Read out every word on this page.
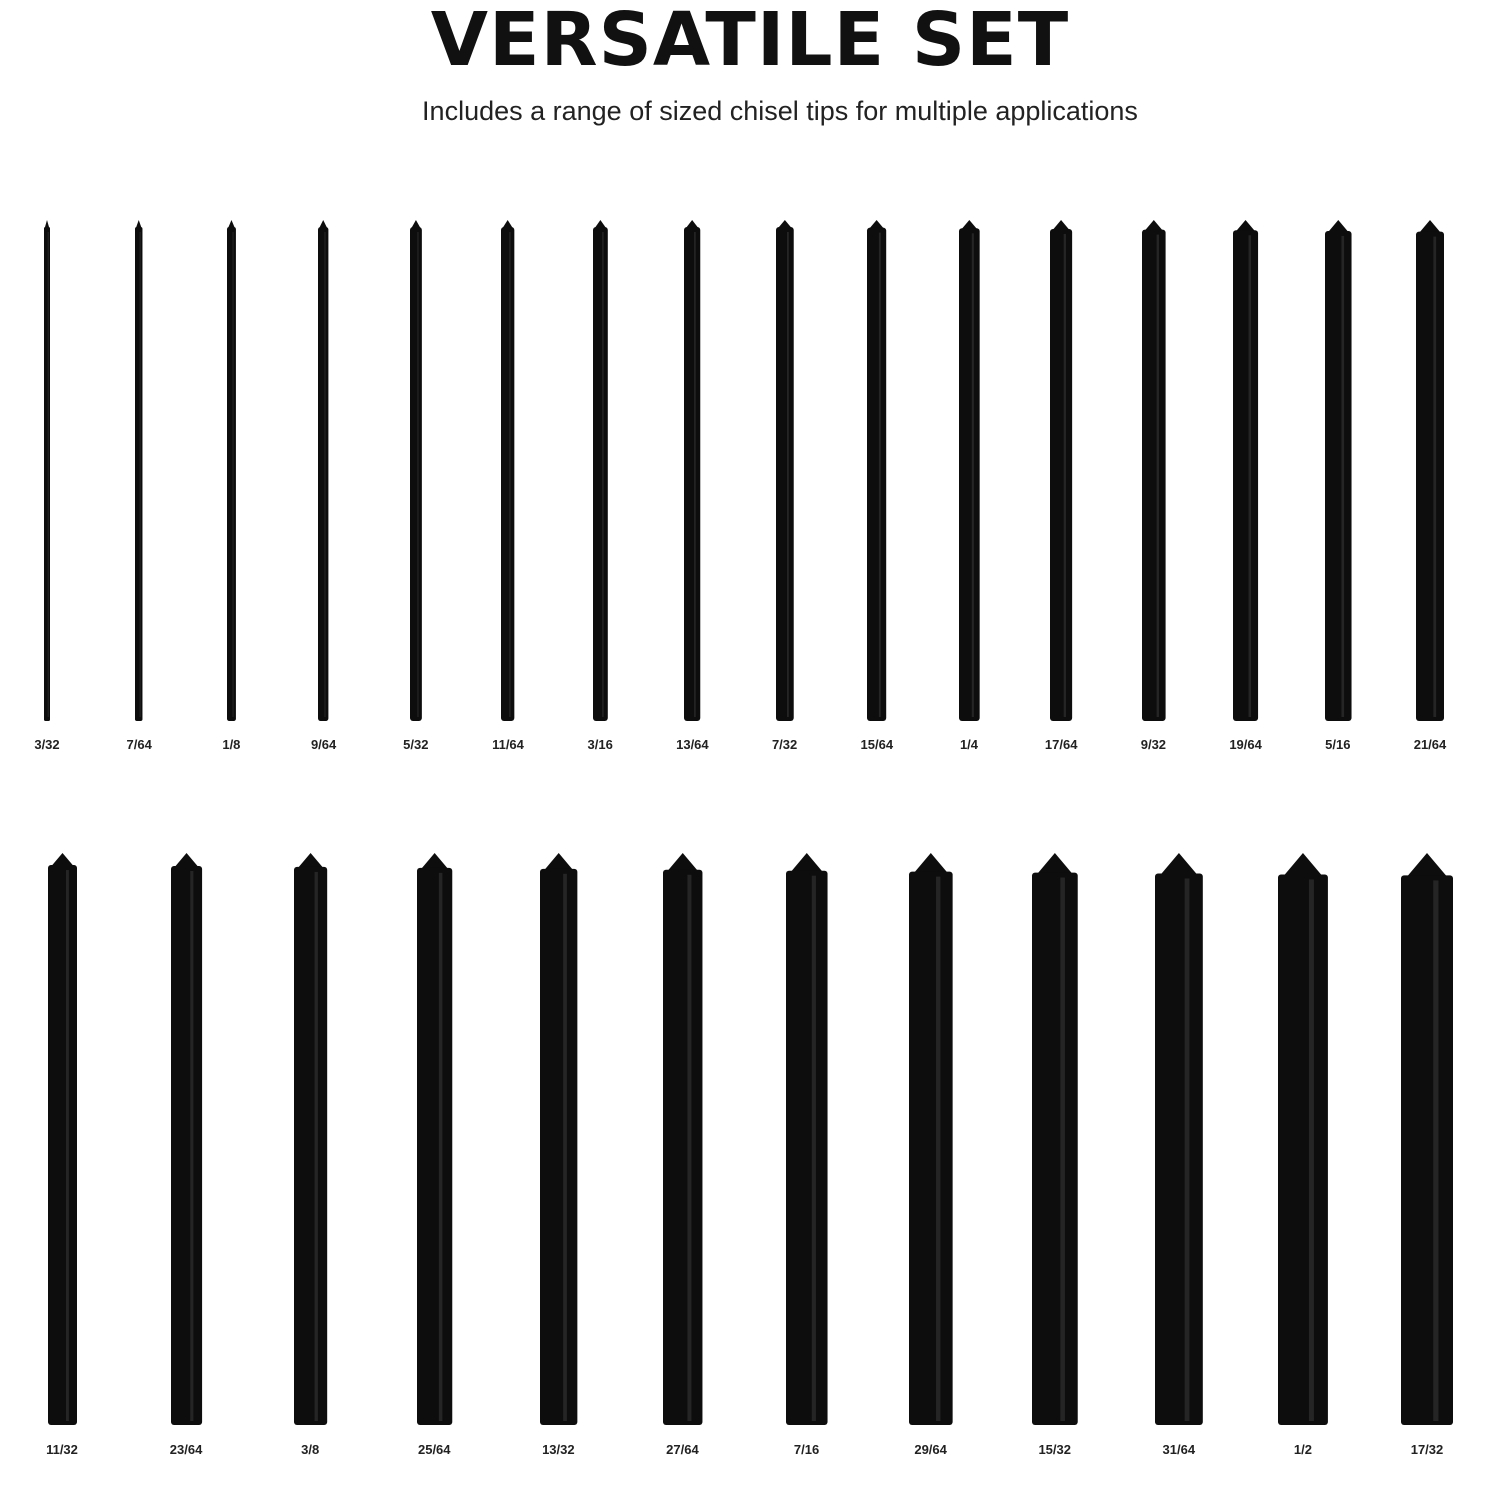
VERSATILE SET
Includes a range of sized chisel tips for multiple applications
3/32	7/64	1/8	9/64	5/32	11/64	3/16	13/64	7/32	15/64	1/4	17/64	9/32	19/64	5/16	21/64
11/32	23/64	3/8	25/64	13/32	27/64	7/16	29/64	15/32	31/64	1/2	17/32
